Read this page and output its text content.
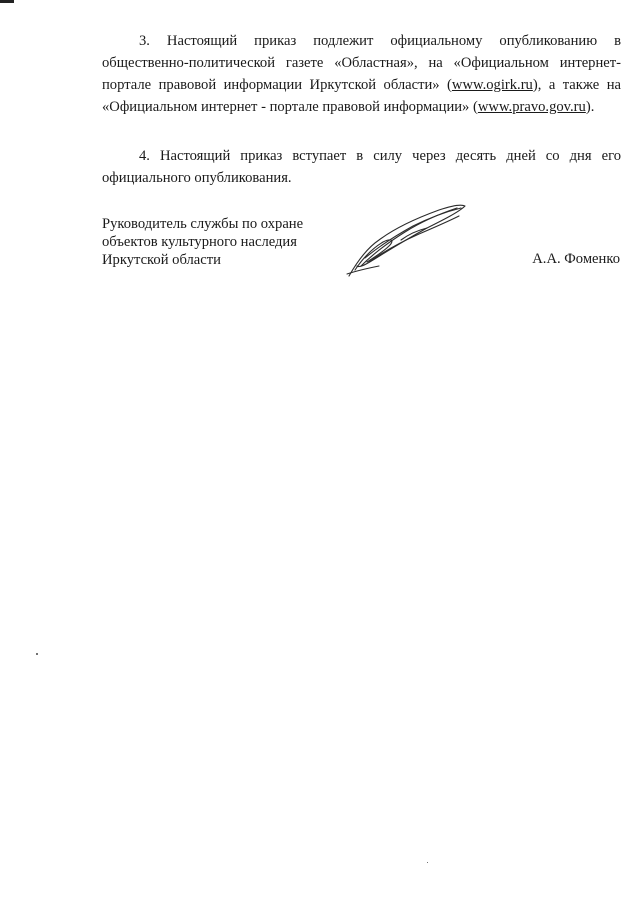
3. Настоящий приказ подлежит официальному опубликованию в общественно-политической газете «Областная», на «Официальном интернет-портале правовой информации Иркутской области» (www.ogirk.ru), а также на «Официальном интернет - портале правовой информации» (www.pravo.gov.ru).

4. Настоящий приказ вступает в силу через десять дней со дня его официального опубликования.

Руководитель службы по охране
объектов культурного наследия
Иркутской области	А.А. Фоменко
